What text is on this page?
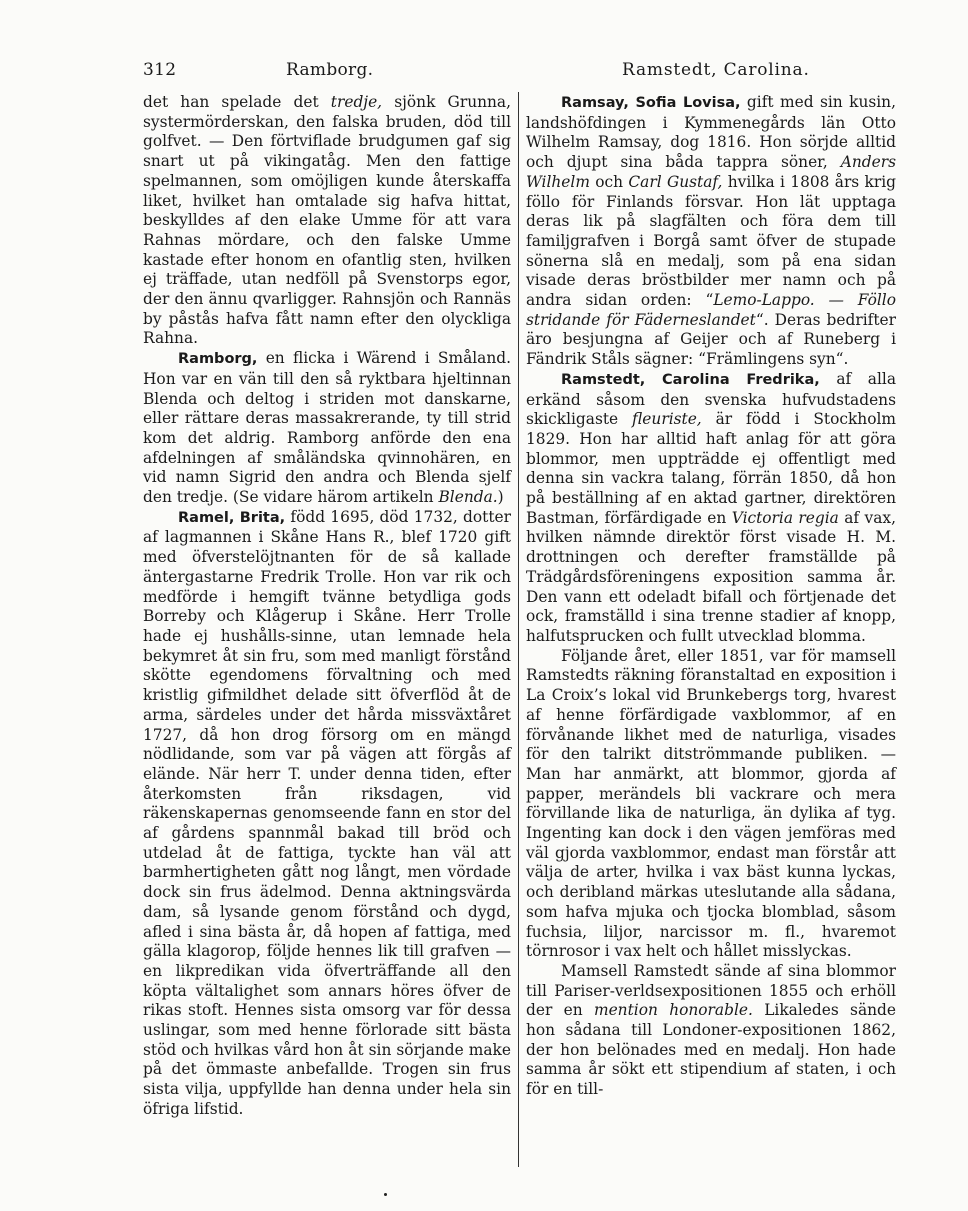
312	Ramborg.	Ramstedt, Carolina.

det han spelade det tredje, sjönk Grunna, systermörderskan, den falska bruden, död till golfvet. — Den förtviflade brudgumen gaf sig snart ut på vikingatåg. Men den fattige spelmannen, som omöjligen kunde återskaffa liket, hvilket han omtalade sig hafva hittat, beskylldes af den elake Umme för att vara Rahnas mördare, och den falske Umme kastade efter honom en ofantlig sten, hvilken ej träffade, utan nedföll på Svenstorps egor, der den ännu qvarligger. Rahnsjön och Rannäs by påstås hafva fått namn efter den olyckliga Rahna.

Ramborg, en flicka i Wärend i Småland. Hon var en vän till den så ryktbara hjeltinnan Blenda och deltog i striden mot danskarne, eller rättare deras massakrerande, ty till strid kom det aldrig. Ramborg anförde den ena afdelningen af småländska qvinnohären, en vid namn Sigrid den andra och Blenda sjelf den tredje. (Se vidare härom artikeln Blenda.)

Ramel, Brita, född 1695, död 1732, dotter af lagmannen i Skåne Hans R., blef 1720 gift med öfverstelöjtnanten för de så kallade äntergastarne Fredrik Trolle. Hon var rik och medförde i hemgift tvänne betydliga gods Borreby och Klågerup i Skåne. Herr Trolle hade ej hushålls-sinne, utan lemnade hela bekymret åt sin fru, som med manligt förstånd skötte egendomens förvaltning och med kristlig gifmildhet delade sitt öfverflöd åt de arma, särdeles under det hårda missväxtåret 1727, då hon drog försorg om en mängd nödlidande, som var på vägen att förgås af elände. När herr T. under denna tiden, efter återkomsten från riksdagen, vid räkenskapernas genomseende fann en stor del af gårdens spannmål bakad till bröd och utdelad åt de fattiga, tyckte han väl att barmhertigheten gått nog långt, men vördade dock sin frus ädelmod. Denna aktningsvärda dam, så lysande genom förstånd och dygd, afled i sina bästa år, då hopen af fattiga, med gälla klagorop, följde hennes lik till grafven — en likpredikan vida öfverträffande all den köpta vältalighet som annars höres öfver de rikas stoft. Hennes sista omsorg var för dessa uslingar, som med henne förlorade sitt bästa stöd och hvilkas vård hon åt sin sörjande make på det ömmaste anbefallde. Trogen sin frus sista vilja, uppfyllde han denna under hela sin öfriga lifstid.

Ramsay, Sofia Lovisa, gift med sin kusin, landshöfdingen i Kymmenegårds län Otto Wilhelm Ramsay, dog 1816. Hon sörjde alltid och djupt sina båda tappra söner, Anders Wilhelm och Carl Gustaf, hvilka i 1808 års krig föllo för Finlands försvar. Hon lät upptaga deras lik på slagfälten och föra dem till familjgrafven i Borgå samt öfver de stupade sönerna slå en medalj, som på ena sidan visade deras bröstbilder mer namn och på andra sidan orden: “Lemo-Lappo. — Föllo stridande för Fäderneslandet“. Deras bedrifter äro besjungna af Geijer och af Runeberg i Fändrik Ståls sägner: “Främlingens syn“.

Ramstedt, Carolina Fredrika, af alla erkänd såsom den svenska hufvudstadens skickligaste fleuriste, är född i Stockholm 1829. Hon har alltid haft anlag för att göra blommor, men uppträdde ej offentligt med denna sin vackra talang, förrän 1850, då hon på beställning af en aktad gartner, direktören Bastman, förfärdigade en Victoria regia af vax, hvilken nämnde direktör först visade H. M. drottningen och derefter framställde på Trädgårdsföreningens exposition samma år. Den vann ett odeladt bifall och förtjenade det ock, framställd i sina trenne stadier af knopp, halfutsprucken och fullt utvecklad blomma.

Följande året, eller 1851, var för mamsell Ramstedts räkning föranstaltad en exposition i La Croix’s lokal vid Brunkebergs torg, hvarest af henne förfärdigade vaxblommor, af en förvånande likhet med de naturliga, visades för den talrikt ditströmmande publiken. — Man har anmärkt, att blommor, gjorda af papper, merändels bli vackrare och mera förvillande lika de naturliga, än dylika af tyg. Ingenting kan dock i den vägen jemföras med väl gjorda vaxblommor, endast man förstår att välja de arter, hvilka i vax bäst kunna lyckas, och deribland märkas uteslutande alla sådana, som hafva mjuka och tjocka blomblad, såsom fuchsia, liljor, narcissor m. fl., hvaremot törnrosor i vax helt och hållet misslyckas.

Mamsell Ramstedt sände af sina blommor till Pariser-verldsexpositionen 1855 och erhöll der en mention honorable. Likaledes sände hon sådana till Londoner-expositionen 1862, der hon belönades med en medalj. Hon hade samma år sökt ett stipendium af staten, i och för en till-
